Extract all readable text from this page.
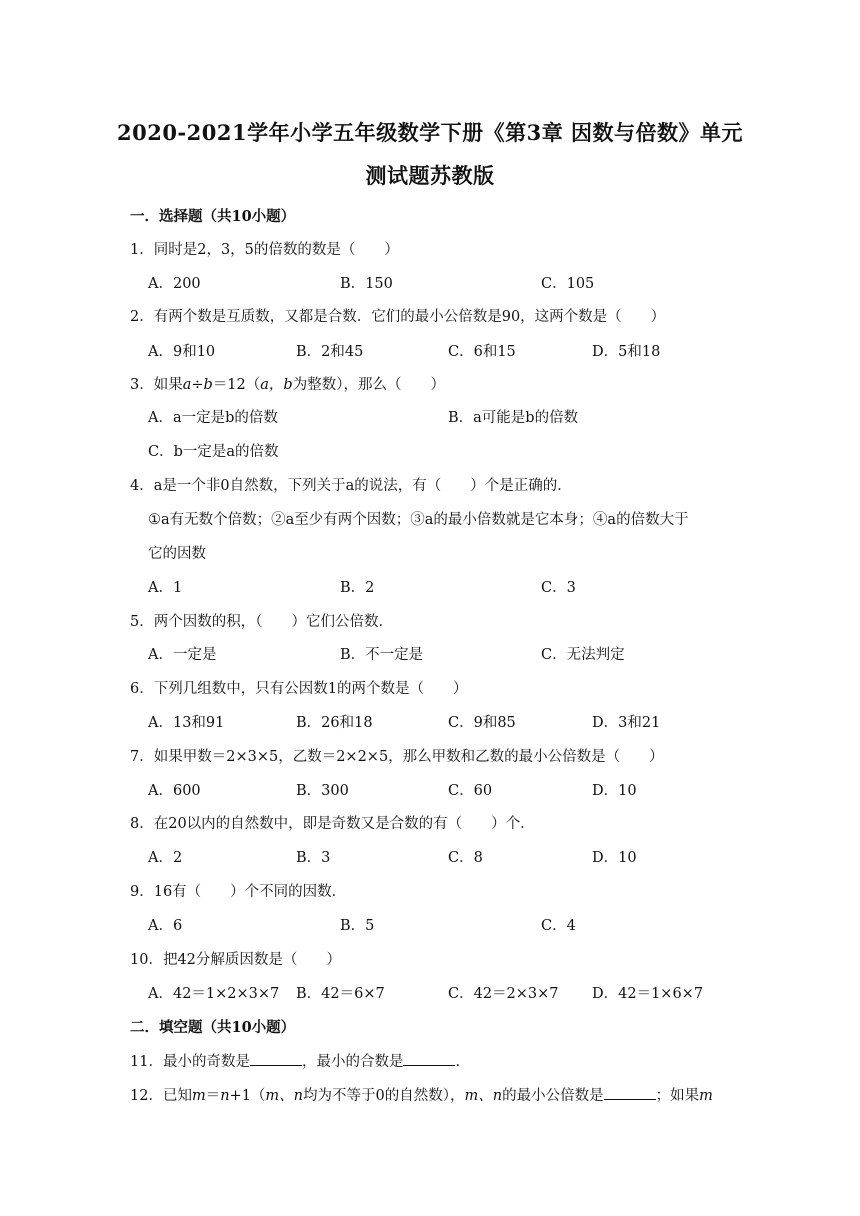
2020-2021学年小学五年级数学下册《第3章 因数与倍数》单元
测试题苏教版
一．选择题（共10小题）
1．同时是2，3，5的倍数的数是（　　）
A．200	B．150	C．105
2．有两个数是互质数，又都是合数．它们的最小公倍数是90，这两个数是（　　）
A．9和10	B．2和45	C．6和15	D．5和18
3．如果a÷b＝12（a，b为整数），那么（　　）
A．a一定是b的倍数	B．a可能是b的倍数
C．b一定是a的倍数
4．a是一个非0自然数，下列关于a的说法，有（　　）个是正确的．
①a有无数个倍数；②a至少有两个因数；③a的最小倍数就是它本身；④a的倍数大于
它的因数
A．1	B．2	C．3
5．两个因数的积，（　　）它们公倍数．
A．一定是	B．不一定是	C．无法判定
6．下列几组数中，只有公因数1的两个数是（　　）
A．13和91	B．26和18	C．9和85	D．3和21
7．如果甲数＝2×3×5，乙数＝2×2×5，那么甲数和乙数的最小公倍数是（　　）
A．600	B．300	C．60	D．10
8．在20以内的自然数中，即是奇数又是合数的有（　　）个．
A．2	B．3	C．8	D．10
9．16有（　　）个不同的因数．
A．6	B．5	C．4
10．把42分解质因数是（　　）
A．42＝1×2×3×7 B．42＝6×7	C．42＝2×3×7 D．42＝1×6×7
二．填空题（共10小题）
11．最小的奇数是	，最小的合数是	．
12．已知m＝n+1（m、n均为不等于0的自然数），m、n的最小公倍数是	；如果m
